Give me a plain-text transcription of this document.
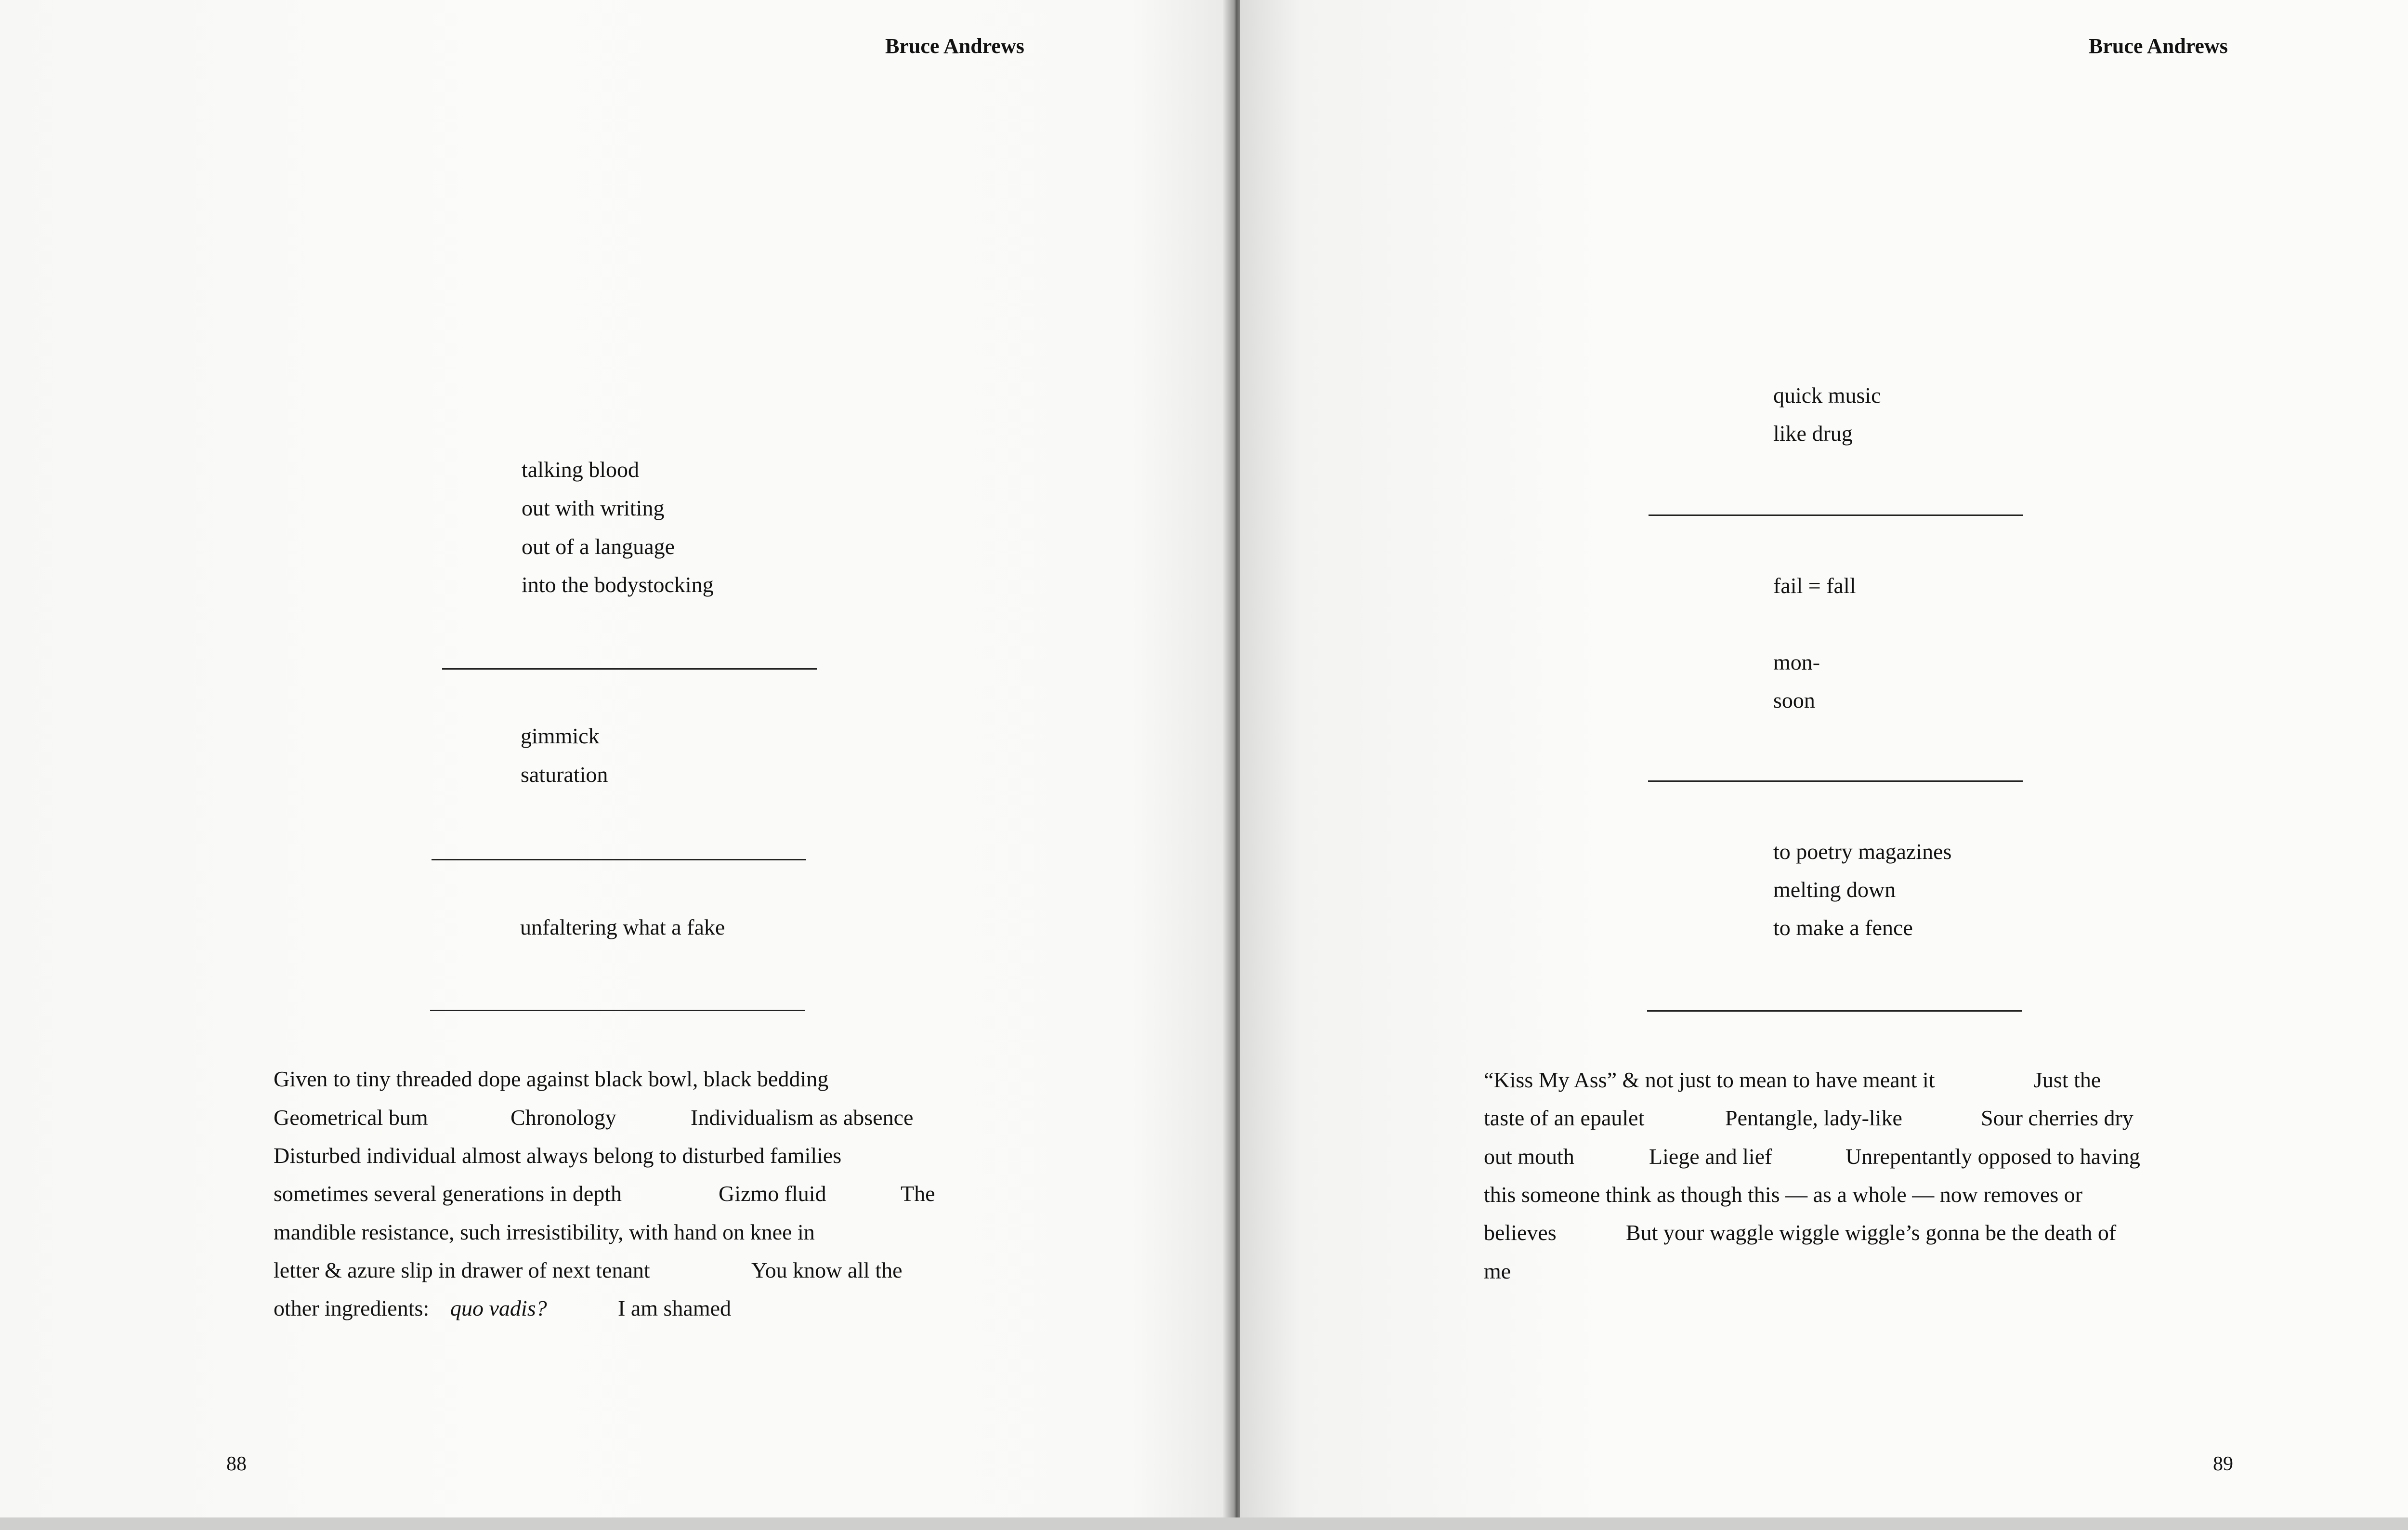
Bruce Andrews
talking blood
out with writing
out of a language
into the bodystocking
gimmick
saturation
unfaltering what a fake
Given to tiny threaded dope against black bowl, black bedding
Geometrical bum	Chronology	Individualism as absence
Disturbed individual almost always belong to disturbed families
sometimes several generations in depth	Gizmo fluid	The
mandible resistance, such irresistibility, with hand on knee in
letter & azure slip in drawer of next tenant	You know all the
other ingredients: quo vadis?	I am shamed
88
Bruce Andrews
quick music
like drug
fail = fall
mon-
soon
to poetry magazines
melting down
to make a fence
“Kiss My Ass” & not just to mean to have meant it	Just the
taste of an epaulet	Pentangle, lady-like	Sour cherries dry
out mouth	Liege and lief	Unrepentantly opposed to having
this someone think as though this — as a whole — now removes or
believes	But your waggle wiggle wiggle’s gonna be the death of
me
89
